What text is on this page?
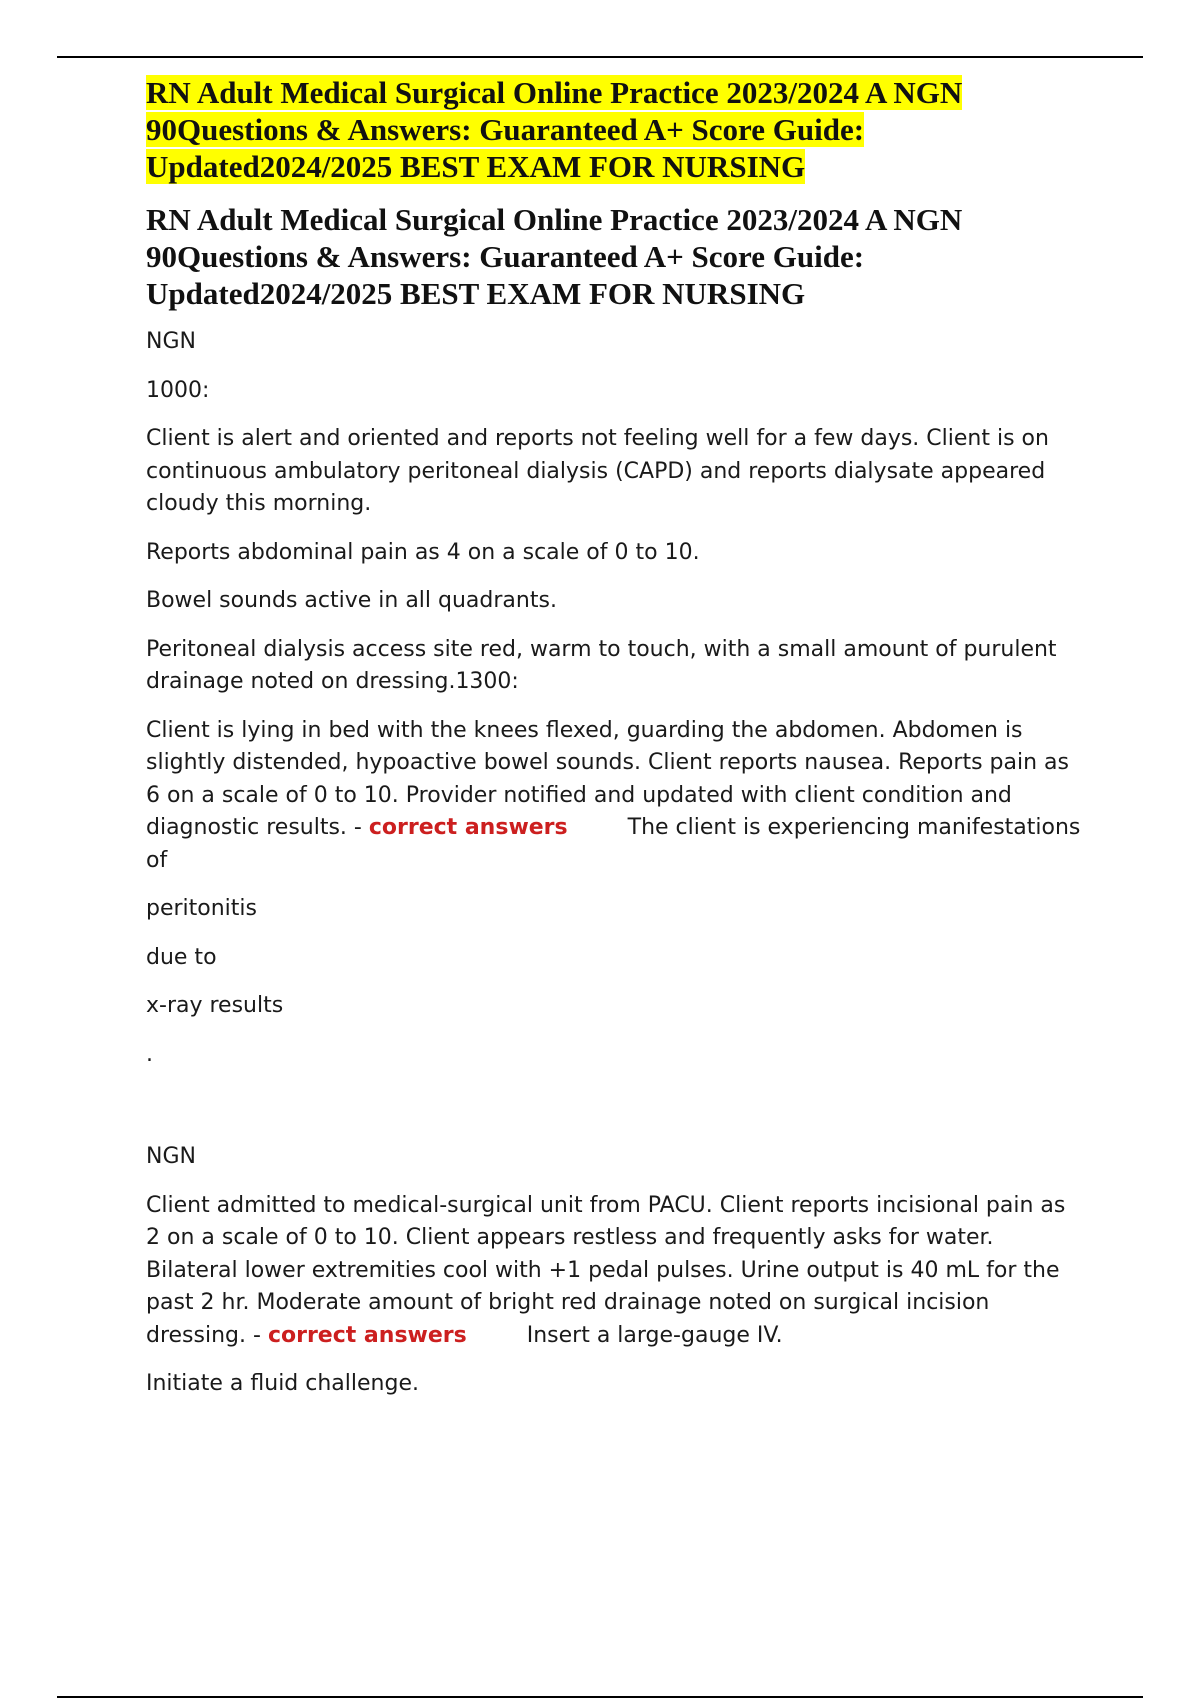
RN Adult Medical Surgical Online Practice 2023/2024 A NGN
90Questions & Answers: Guaranteed A+ Score Guide:
Updated2024/2025 BEST EXAM FOR NURSING
RN Adult Medical Surgical Online Practice 2023/2024 A NGN
90Questions & Answers: Guaranteed A+ Score Guide:
Updated2024/2025 BEST EXAM FOR NURSING

NGN

1000:

Client is alert and oriented and reports not feeling well for a few days. Client is on continuous ambulatory peritoneal dialysis (CAPD) and reports dialysate appeared cloudy this morning.

Reports abdominal pain as 4 on a scale of 0 to 10.

Bowel sounds active in all quadrants.

Peritoneal dialysis access site red, warm to touch, with a small amount of purulent drainage noted on dressing.1300:

Client is lying in bed with the knees flexed, guarding the abdomen. Abdomen is slightly distended, hypoactive bowel sounds. Client reports nausea. Reports pain as 6 on a scale of 0 to 10. Provider notified and updated with client condition and diagnostic results. - correct answers	The client is experiencing manifestations of

peritonitis

due to

x-ray results

.

NGN

Client admitted to medical-surgical unit from PACU. Client reports incisional pain as 2 on a scale of 0 to 10. Client appears restless and frequently asks for water. Bilateral lower extremities cool with +1 pedal pulses. Urine output is 40 mL for the past 2 hr. Moderate amount of bright red drainage noted on surgical incision dressing. - correct answers	Insert a large-gauge IV.

Initiate a fluid challenge.
